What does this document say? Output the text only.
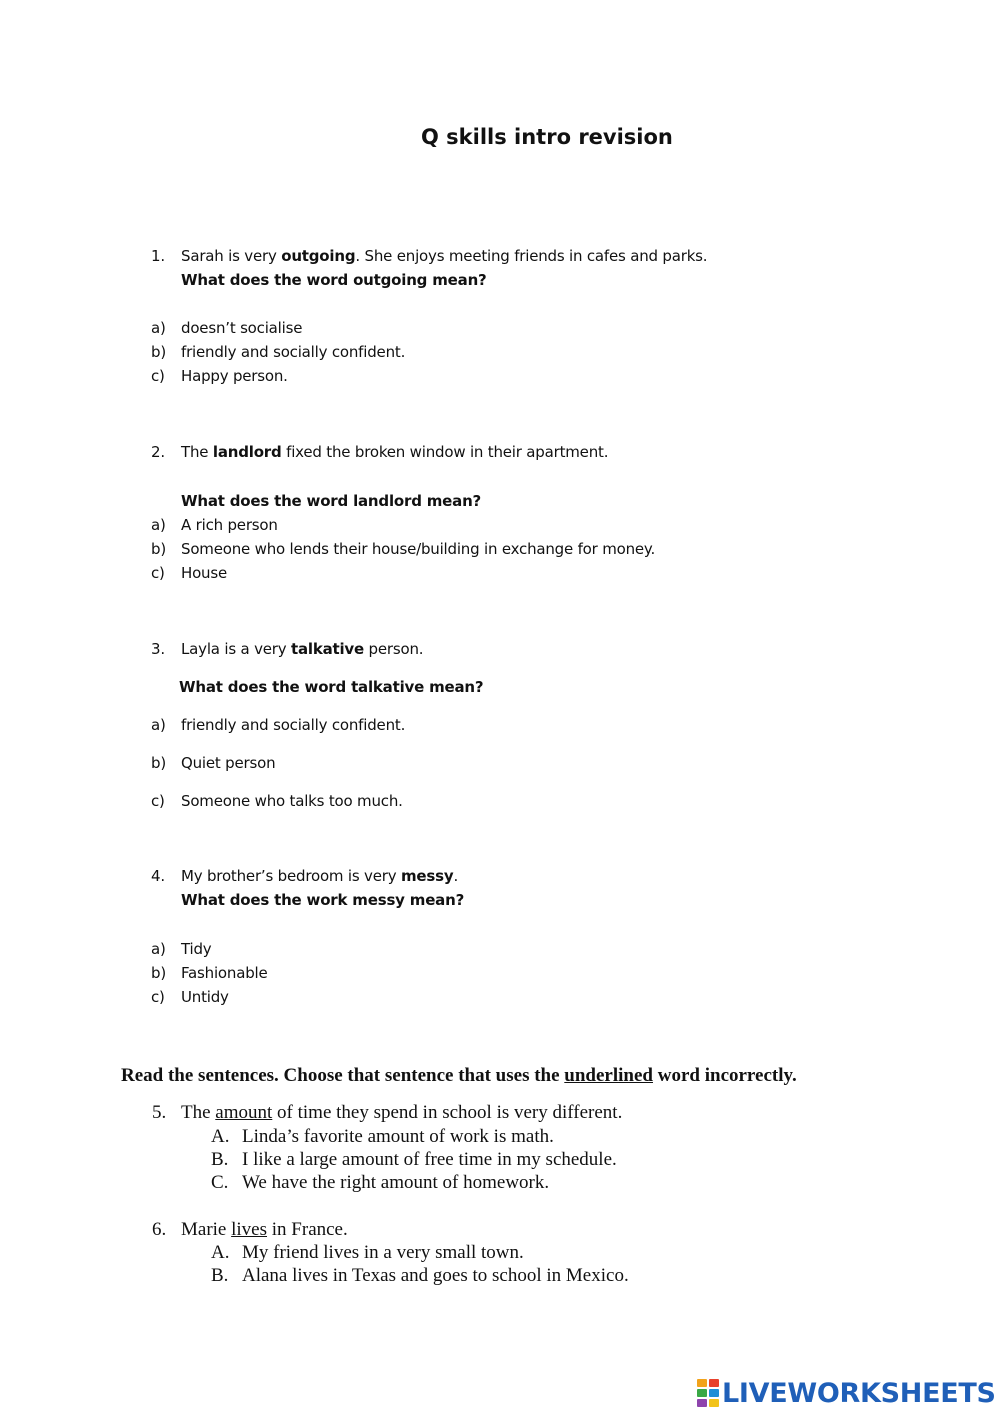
Q skills intro revision
1. Sarah is very outgoing. She enjoys meeting friends in cafes and parks.
What does the word outgoing mean?
a) doesn’t socialise
b) friendly and socially confident.
c) Happy person.
2. The landlord fixed the broken window in their apartment.
What does the word landlord mean?
a) A rich person
b) Someone who lends their house/building in exchange for money.
c) House
3. Layla is a very talkative person.
What does the word talkative mean?
a) friendly and socially confident.
b) Quiet person
c) Someone who talks too much.
4. My brother’s bedroom is very messy.
What does the work messy mean?
a) Tidy
b) Fashionable
c) Untidy
Read the sentences. Choose that sentence that uses the underlined word incorrectly.
5. The amount of time they spend in school is very different.
A. Linda’s favorite amount of work is math.
B. I like a large amount of free time in my schedule.
C. We have the right amount of homework.
6. Marie lives in France.
A. My friend lives in a very small town.
B. Alana lives in Texas and goes to school in Mexico.
LIVEWORKSHEETS
